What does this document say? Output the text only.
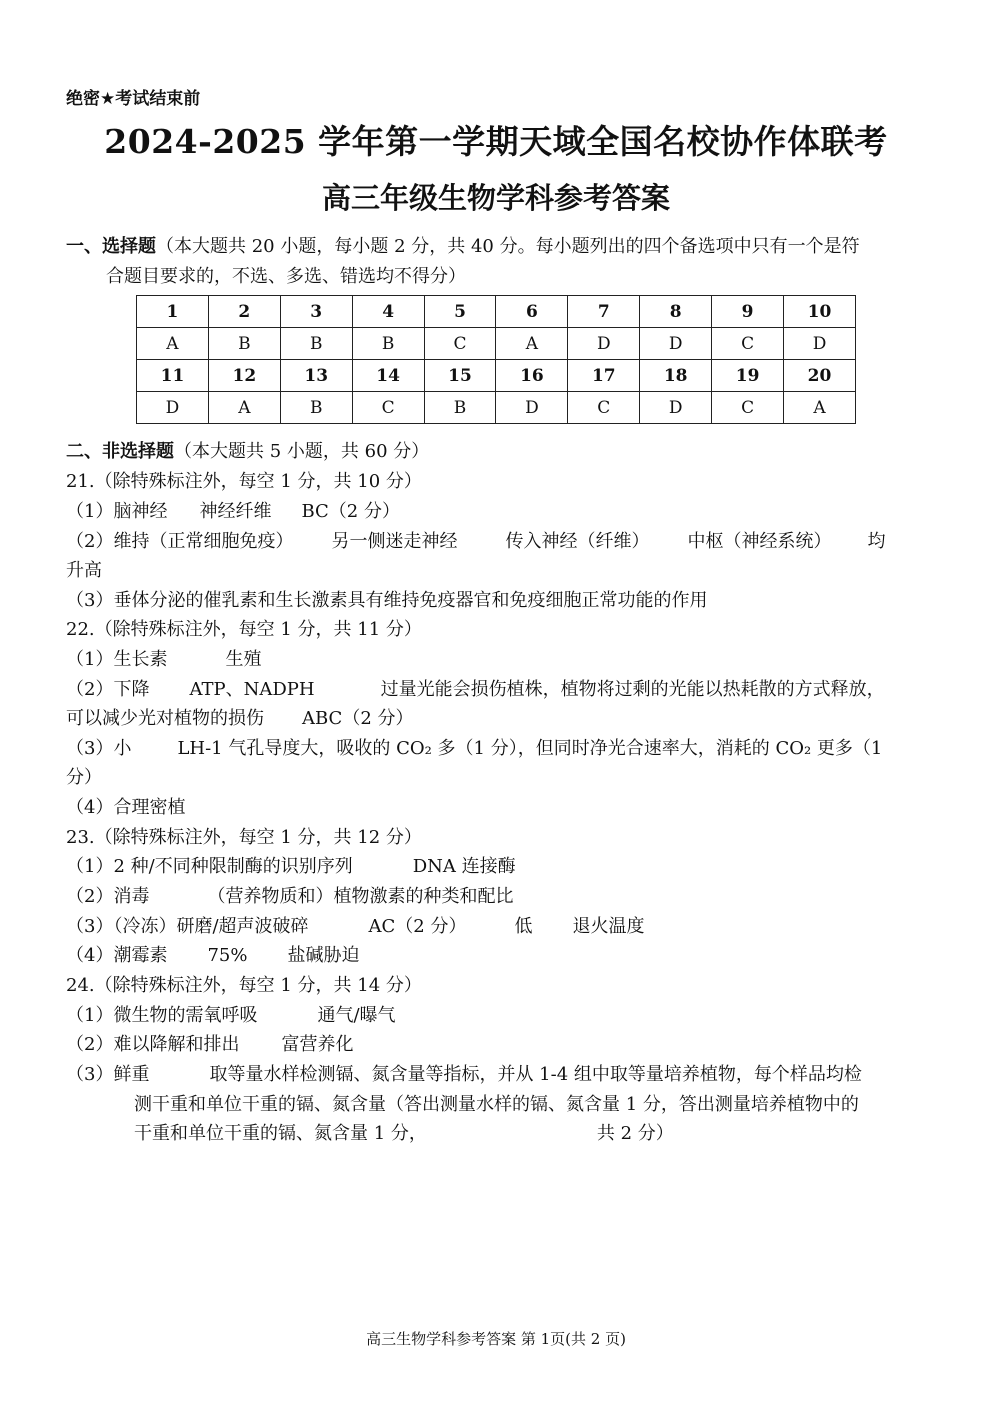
绝密★考试结束前
2024-2025 学年第一学期天域全国名校协作体联考
高三年级生物学科参考答案
一、选择题（本大题共 20 小题，每小题 2 分，共 40 分。每小题列出的四个备选项中只有一个是符
合题目要求的，不选、多选、错选均不得分）
1	2	3	4	5	6	7	8	9	10
A	B	B	B	C	A	D	D	C	D
11	12	13	14	15	16	17	18	19	20
D	A	B	C	B	D	C	D	C	A
二、非选择题（本大题共 5 小题，共 60 分）
21.（除特殊标注外，每空 1 分，共 10 分）
（1）脑神经 神经纤维 BC（2 分）
（2）维持（正常细胞免疫） 另一侧迷走神经	传入神经（纤维） 中枢（神经系统） 均
升高
（3）垂体分泌的催乳素和生长激素具有维持免疫器官和免疫细胞正常功能的作用
22.（除特殊标注外，每空 1 分，共 11 分）
（1）生长素	生殖
（2）下降 ATP、NADPH	过量光能会损伤植株，植物将过剩的光能以热耗散的方式释放，
可以减少光对植物的损伤 ABC（2 分）
（3）小	LH-1 气孔导度大，吸收的 CO₂ 多（1 分），但同时净光合速率大，消耗的 CO₂ 更多（1
分）
（4）合理密植
23.（除特殊标注外，每空 1 分，共 12 分）
（1）2 种/不同种限制酶的识别序列	DNA 连接酶
（2）消毒	（营养物质和）植物激素的种类和配比
（3）（冷冻）研磨/超声波破碎	AC（2 分）	低 退火温度
（4）潮霉素 75% 盐碱胁迫
24.（除特殊标注外，每空 1 分，共 14 分）
（1）微生物的需氧呼吸	通气/曝气
（2）难以降解和排出 富营养化
（3）鲜重	取等量水样检测镉、氮含量等指标，并从 1-4 组中取等量培养植物，每个样品均检
测干重和单位干重的镉、氮含量（答出测量水样的镉、氮含量 1 分，答出测量培养植物中的
干重和单位干重的镉、氮含量 1 分，	共 2 分）
高三生物学科参考答案 第 1页(共 2 页)
